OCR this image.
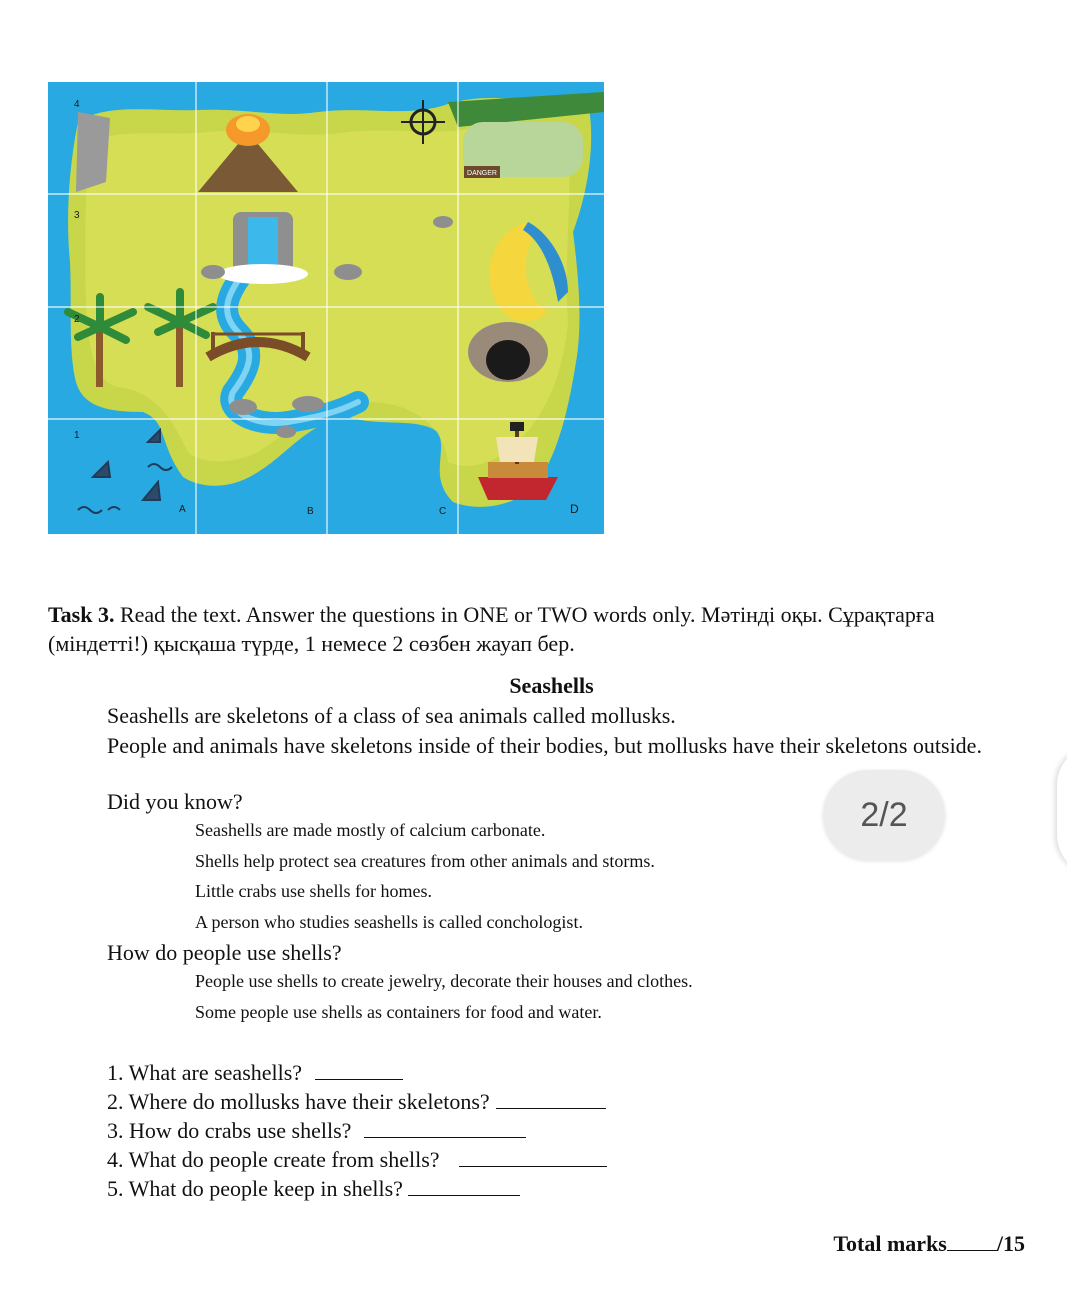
DANGER
4
3
2
1
A	B	C	D
Task 3. Read the text. Answer the questions in ONE or TWO words only. Мәтінді оқы. Сұрақтарға (міндетті!) қысқаша түрде, 1 немесе 2 сөзбен жауап бер.
Seashells
Seashells are skeletons of a class of sea animals called mollusks.
People and animals have skeletons inside of their bodies, but mollusks have their skeletons outside.
Did you know?
Seashells are made mostly of calcium carbonate.
Shells help protect sea creatures from other animals and storms.
Little crabs use shells for homes.
A person who studies seashells is called conchologist.
How do people use shells?
People use shells to create jewelry, decorate their houses and clothes.
Some people use shells as containers for food and water.
1. What are seashells?
2. Where do mollusks have their skeletons?
3. How do crabs use shells?
4. What do people create from shells?
5. What do people keep in shells?
Total marks /15
2/2
